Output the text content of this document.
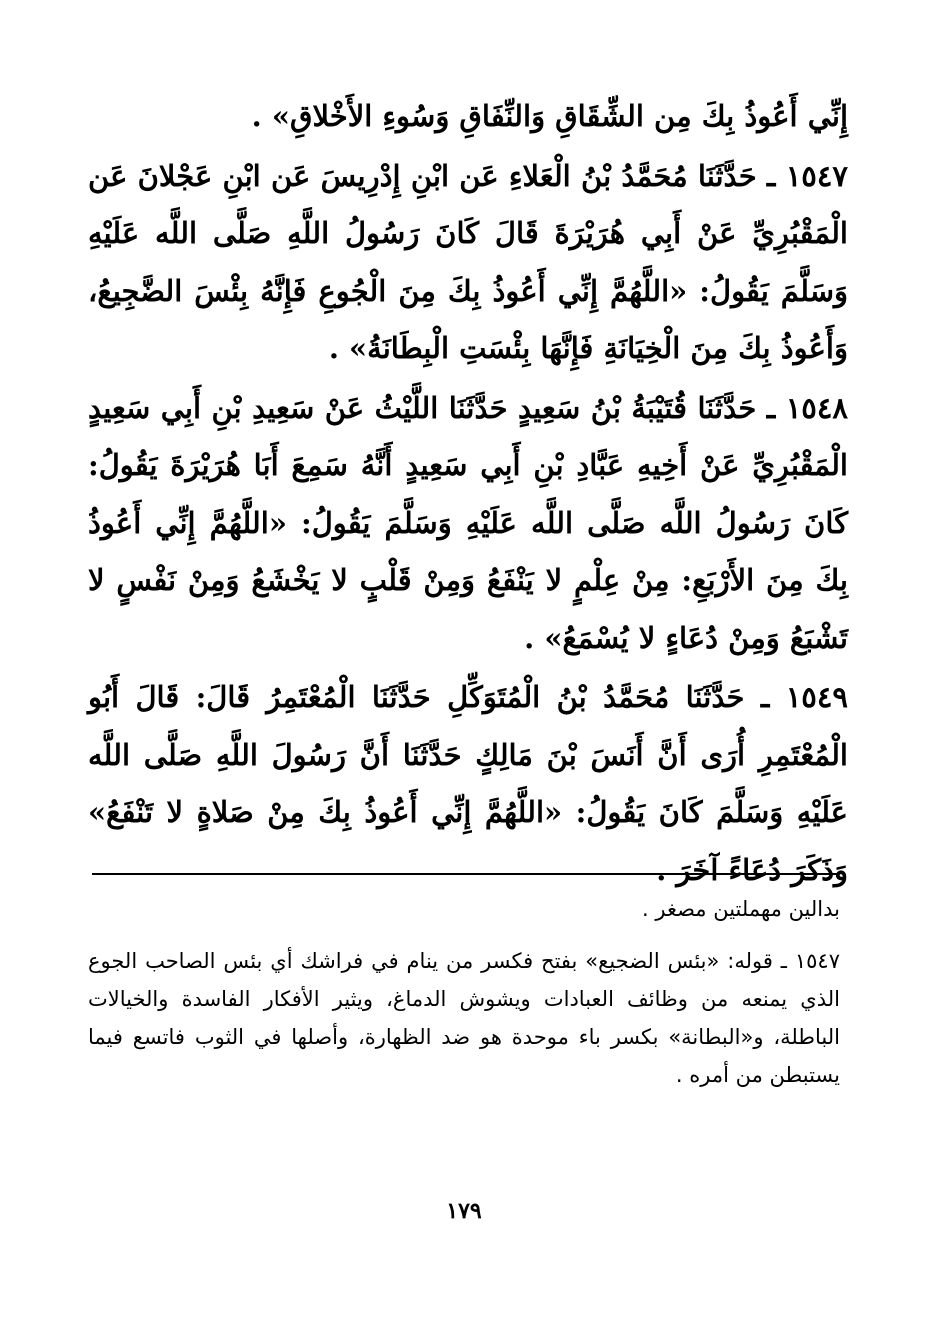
إِنِّي أَعُوذُ بِكَ مِن الشِّقَاقِ وَالنِّفَاقِ وَسُوءِ الأَخْلاقِ» .

١٥٤٧ ـ حَدَّثَنَا مُحَمَّدُ بْنُ الْعَلاءِ عَن ابْنِ إِدْرِيسَ عَن ابْنِ عَجْلانَ عَن الْمَقْبُرِيِّ عَنْ أَبِي هُرَيْرَةَ قَالَ كَانَ رَسُولُ اللَّهِ صَلَّى اللَّه عَلَيْهِ وَسَلَّمَ يَقُولُ: «اللَّهُمَّ إِنِّي أَعُوذُ بِكَ مِنَ الْجُوعِ فَإِنَّهُ بِئْسَ الضَّجِيعُ، وَأَعُوذُ بِكَ مِنَ الْخِيَانَةِ فَإِنَّهَا بِئْسَتِ الْبِطَانَةُ» .

١٥٤٨ ـ حَدَّثَنَا قُتَيْبَةُ بْنُ سَعِيدٍ حَدَّثَنَا اللَّيْثُ عَنْ سَعِيدِ بْنِ أَبِي سَعِيدٍ الْمَقْبُرِيِّ عَنْ أَخِيهِ عَبَّادِ بْنِ أَبِي سَعِيدٍ أَنَّهُ سَمِعَ أَبَا هُرَيْرَةَ يَقُولُ: كَانَ رَسُولُ اللَّه صَلَّى اللَّه عَلَيْهِ وَسَلَّمَ يَقُولُ: «اللَّهُمَّ إِنِّي أَعُوذُ بِكَ مِنَ الأَرْبَعِ: مِنْ عِلْمٍ لا يَنْفَعُ وَمِنْ قَلْبٍ لا يَخْشَعُ وَمِنْ نَفْسٍ لا تَشْبَعُ وَمِنْ دُعَاءٍ لا يُسْمَعُ» .

١٥٤٩ ـ حَدَّثَنَا مُحَمَّدُ بْنُ الْمُتَوَكِّلِ حَدَّثَنَا الْمُعْتَمِرُ قَالَ: قَالَ أَبُو الْمُعْتَمِرِ أُرَى أَنَّ أَنَسَ بْنَ مَالِكٍ حَدَّثَنَا أَنَّ رَسُولَ اللَّهِ صَلَّى اللَّه عَلَيْهِ وَسَلَّمَ كَانَ يَقُولُ: «اللَّهُمَّ إِنِّي أَعُوذُ بِكَ مِنْ صَلاةٍ لا تَنْفَعُ» وَذَكَرَ دُعَاءً آخَرَ .

بدالين مهملتين مصغر .

١٥٤٧ ـ قوله: «بئس الضجيع» بفتح فكسر من ينام في فراشك أي بئس الصاحب الجوع الذي يمنعه من وظائف العبادات ويشوش الدماغ، ويثير الأفكار الفاسدة والخيالات الباطلة، و«البطانة» بكسر باء موحدة هو ضد الظهارة، وأصلها في الثوب فاتسع فيما يستبطن من أمره .

١٧٩
